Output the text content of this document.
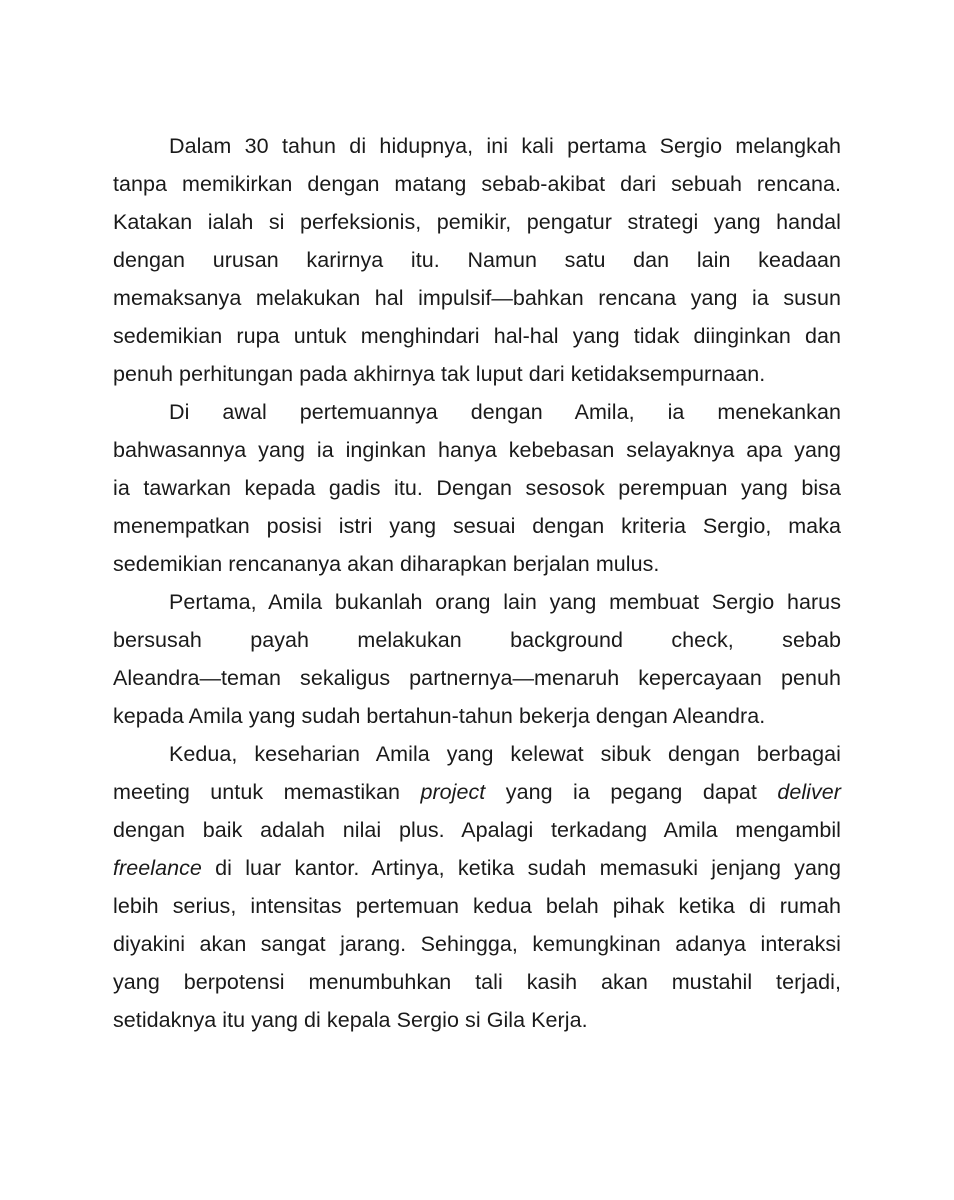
Dalam 30 tahun di hidupnya, ini kali pertama Sergio melangkah
tanpa memikirkan dengan matang sebab-akibat dari sebuah rencana.
Katakan ialah si perfeksionis, pemikir, pengatur strategi yang handal
dengan urusan karirnya itu. Namun satu dan lain keadaan
memaksanya melakukan hal impulsif—bahkan rencana yang ia susun
sedemikian rupa untuk menghindari hal-hal yang tidak diinginkan dan
penuh perhitungan pada akhirnya tak luput dari ketidaksempurnaan.

Di awal pertemuannya dengan Amila, ia menekankan
bahwasannya yang ia inginkan hanya kebebasan selayaknya apa yang
ia tawarkan kepada gadis itu. Dengan sesosok perempuan yang bisa
menempatkan posisi istri yang sesuai dengan kriteria Sergio, maka
sedemikian rencananya akan diharapkan berjalan mulus.

Pertama, Amila bukanlah orang lain yang membuat Sergio harus
bersusah payah melakukan background check, sebab
Aleandra—teman sekaligus partnernya—menaruh kepercayaan penuh
kepada Amila yang sudah bertahun-tahun bekerja dengan Aleandra.

Kedua, keseharian Amila yang kelewat sibuk dengan berbagai
meeting untuk memastikan project yang ia pegang dapat deliver
dengan baik adalah nilai plus. Apalagi terkadang Amila mengambil
freelance di luar kantor. Artinya, ketika sudah memasuki jenjang yang
lebih serius, intensitas pertemuan kedua belah pihak ketika di rumah
diyakini akan sangat jarang. Sehingga, kemungkinan adanya interaksi
yang berpotensi menumbuhkan tali kasih akan mustahil terjadi,
setidaknya itu yang di kepala Sergio si Gila Kerja.
